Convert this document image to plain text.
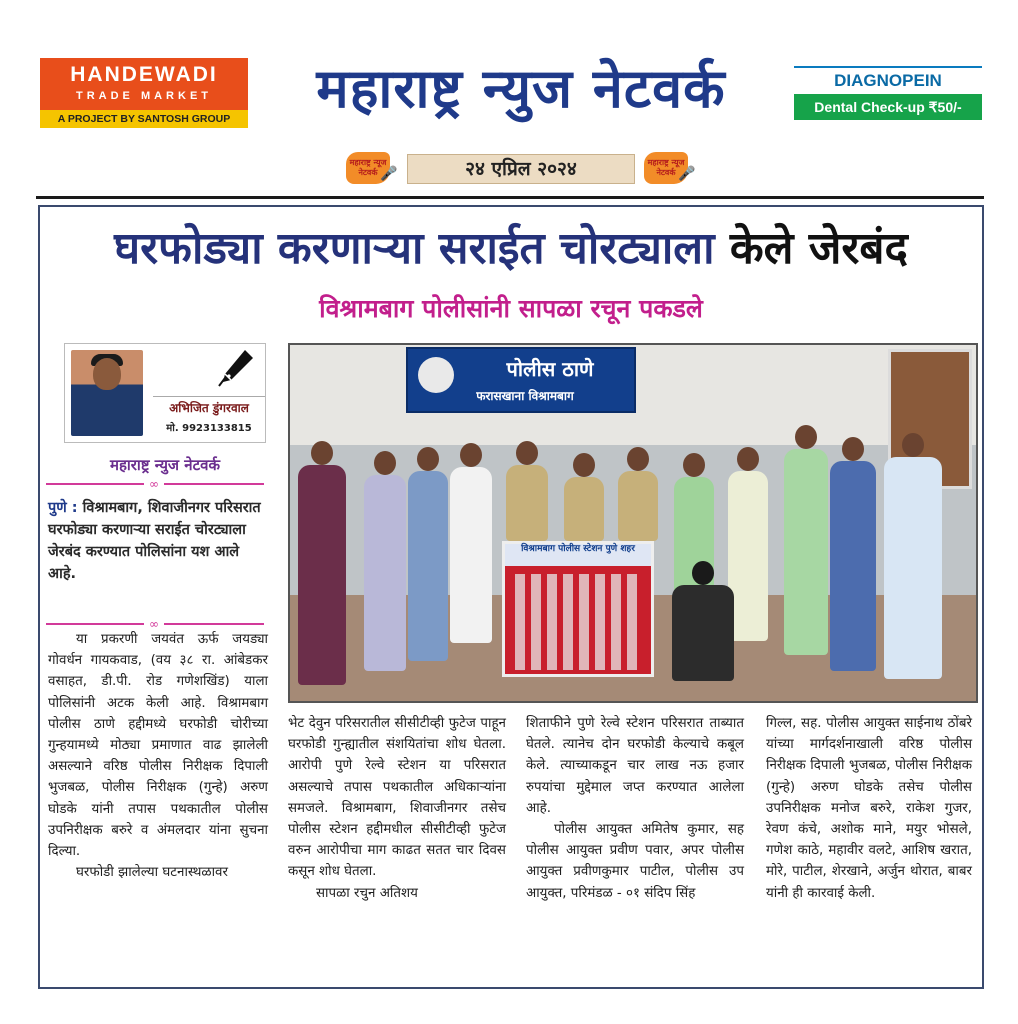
HANDEWADI
TRADE MARKET
A PROJECT BY SANTOSH GROUP	महाराष्ट्र न्युज नेटवर्क	DIAGNOPEIN
Dental Check-up ₹50/-
महाराष्ट्र न्यूज नेटवर्क 🎤	२४ एप्रिल २०२४	महाराष्ट्र न्यूज नेटवर्क 🎤
घरफोड्या करणाऱ्या सराईत चोरट्याला केले जेरबंद
विश्रामबाग पोलीसांनी सापळा रचून पकडले
अभिजित डुंगरवाल
मो. 9923133815
महाराष्ट्र न्युज नेटवर्क
∞
पुणे : विश्रामबाग, शिवाजीनगर परिसरात घरफोड्या करणाऱ्या सराईत चोरट्याला जेरबंद करण्यात पोलिसांना यश आले आहे.
∞
पोलीस ठाणे
फरासखाना विश्रामबाग
विश्रामबाग पोलीस स्टेशन पुणे शहर

या प्रकरणी जयवंत ऊर्फ जयड्या गोवर्धन गायकवाड, (वय ३८ रा. आंबेडकर वसाहत, डी.पी. रोड गणेशखिंड) याला पोलिसांनी अटक केली आहे. विश्रामबाग पोलीस ठाणे हद्दीमध्ये घरफोडी चोरीच्या गुन्हयामध्ये मोठ्या प्रमाणात वाढ झालेली असल्याने वरिष्ठ पोलीस निरीक्षक दिपाली भुजबळ, पोलीस निरीक्षक (गुन्हे) अरुण घोडके यांनी तपास पथकातील पोलीस उपनिरीक्षक बरुरे व अंमलदार यांना सुचना दिल्या.

घरफोडी झालेल्या घटनास्थळावर

भेट देवुन परिसरातील सीसीटीव्ही फुटेज पाहून घरफोडी गुन्ह्यातील संशयितांचा शोध घेतला. आरोपी पुणे रेल्वे स्टेशन या परिसरात असल्याचे तपास पथकातील अधिकाऱ्यांना समजले. विश्रामबाग, शिवाजीनगर तसेच पोलीस स्टेशन हद्दीमधील सीसीटीव्ही फुटेज वरुन आरोपीचा माग काढत सतत चार दिवस कसून शोध घेतला.

सापळा रचुन अतिशय

शिताफीने पुणे रेल्वे स्टेशन परिसरात ताब्यात घेतले. त्यानेच दोन घरफोडी केल्याचे कबूल केले. त्याच्याकडून चार लाख नऊ हजार रुपयांचा मुद्देमाल जप्त करण्यात आलेला आहे.

पोलीस आयुक्त अमितेष कुमार, सह पोलीस आयुक्त प्रवीण पवार, अपर पोलीस आयुक्त प्रवीणकुमार पाटील, पोलीस उप आयुक्त, परिमंडळ - ०१ संदिप सिंह

गिल्ल, सह. पोलीस आयुक्त साईनाथ ठोंबरे यांच्या मार्गदर्शनाखाली वरिष्ठ पोलीस निरीक्षक दिपाली भुजबळ, पोलीस निरीक्षक (गुन्हे) अरुण घोडके तसेच पोलीस उपनिरीक्षक मनोज बरुरे, राकेश गुजर, रेवण कंचे, अशोक माने, मयुर भोसले, गणेश काठे, महावीर वलटे, आशिष खरात, मोरे, पाटील, शेरखाने, अर्जुन थोरात, बाबर यांनी ही कारवाई केली.
